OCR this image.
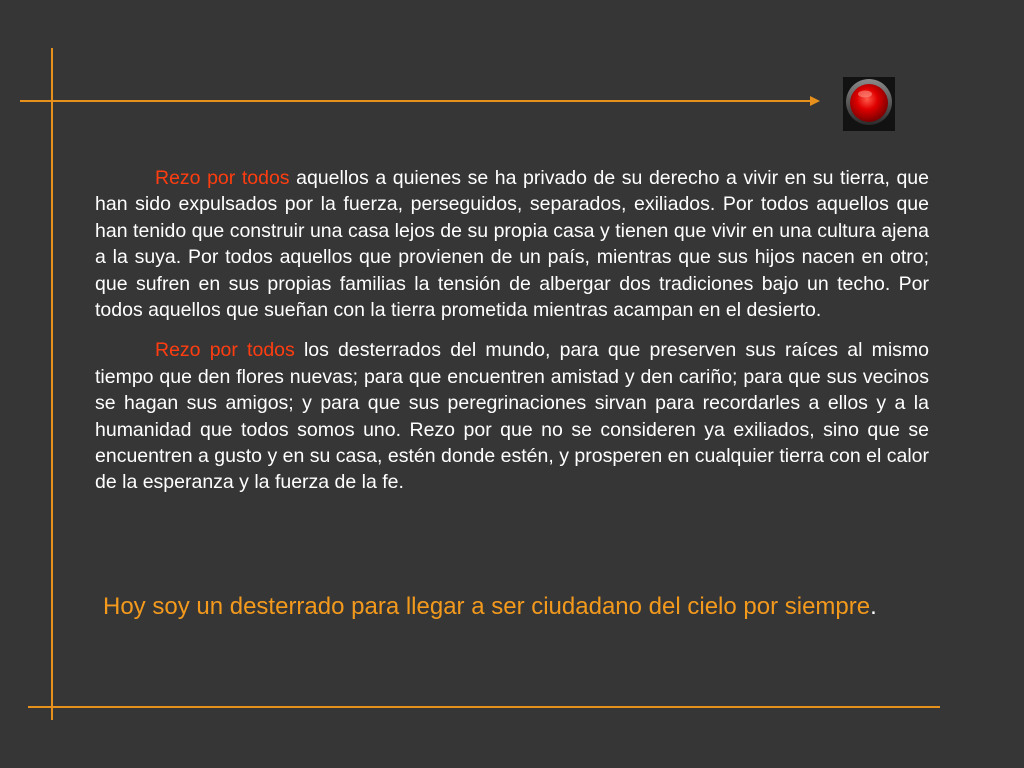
Rezo por todos aquellos a quienes se ha privado de su derecho a vivir en su tierra, que han sido expulsados por la fuerza, perseguidos, separados, exiliados. Por todos aquellos que han tenido que construir una casa lejos de su propia casa y tienen que vivir en una cultura ajena a la suya. Por todos aquellos que provienen de un país, mientras que sus hijos nacen en otro; que sufren en sus propias familias la tensión de albergar dos tradiciones bajo un techo. Por todos aquellos que sueñan con la tierra prometida mientras acampan en el desierto.

Rezo por todos los desterrados del mundo, para que preserven sus raíces al mismo tiempo que den flores nuevas; para que encuentren amistad y den cariño; para que sus vecinos se hagan sus amigos; y para que sus peregrinaciones sirvan para recordarles a ellos y a la humanidad que todos somos uno. Rezo por que no se consideren ya exiliados, sino que se encuentren a gusto y en su casa, estén donde estén, y prosperen en cualquier tierra con el calor de la esperanza y la fuerza de la fe.

Hoy soy un desterrado para llegar a ser ciudadano del cielo por siempre.
